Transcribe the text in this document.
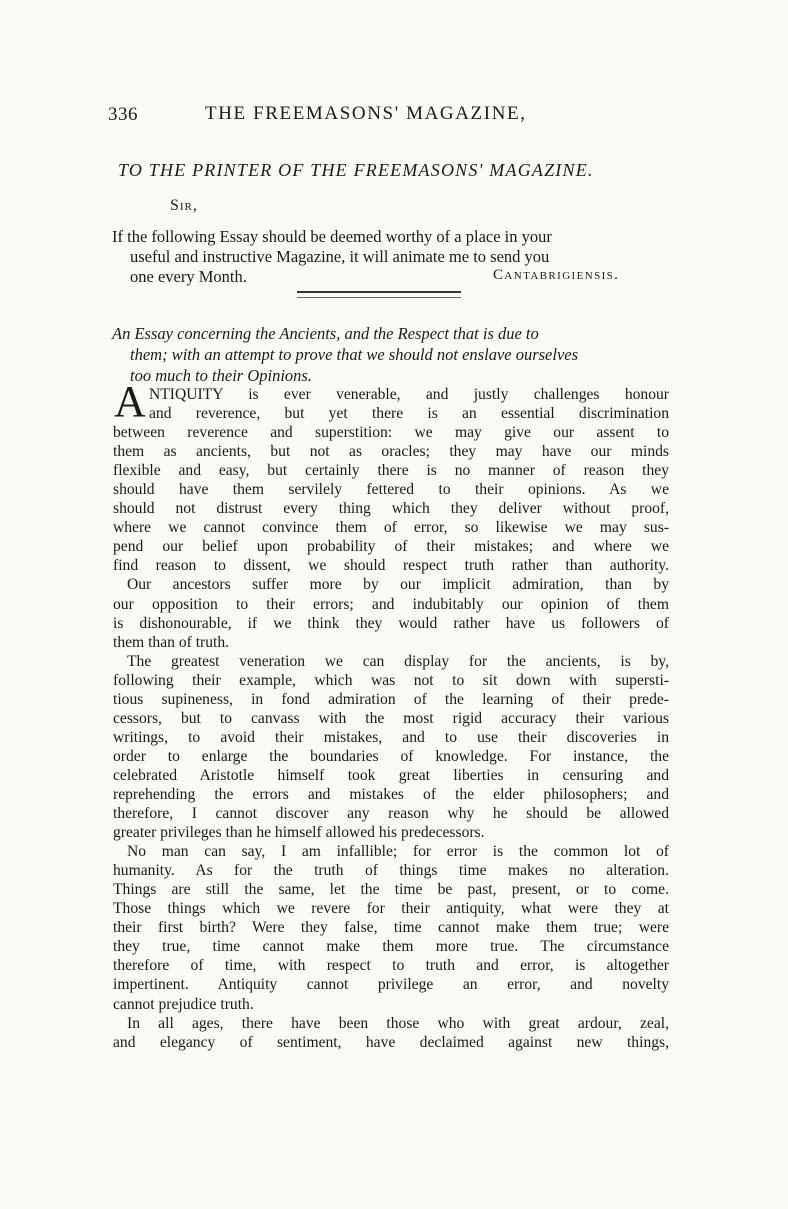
336	THE FREEMASONS' MAGAZINE,
TO THE PRINTER OF THE FREEMASONS' MAGAZINE.
Sir,
If the following Essay should be deemed worthy of a place in your
useful and instructive Magazine, it will animate me to send you
one every Month.	Cantabrigiensis.
An Essay concerning the Ancients, and the Respect that is due to
them; with an attempt to prove that we should not enslave ourselves
too much to their Opinions.
A NTIQUITY is ever venerable, and justly challenges honour
and reverence, but yet there is an essential discrimination
between reverence and superstition: we may give our assent to
them as ancients, but not as oracles; they may have our minds
flexible and easy, but certainly there is no manner of reason they
should have them servilely fettered to their opinions. As we
should not distrust every thing which they deliver without proof,
where we cannot convince them of error, so likewise we may sus-
pend our belief upon probability of their mistakes; and where we
find reason to dissent, we should respect truth rather than authority.
Our ancestors suffer more by our implicit admiration, than by
our opposition to their errors; and indubitably our opinion of them
is dishonourable, if we think they would rather have us followers of
them than of truth.
The greatest veneration we can display for the ancients, is by,
following their example, which was not to sit down with supersti-
tious supineness, in fond admiration of the learning of their prede-
cessors, but to canvass with the most rigid accuracy their various
writings, to avoid their mistakes, and to use their discoveries in
order to enlarge the boundaries of knowledge. For instance, the
celebrated Aristotle himself took great liberties in censuring and
reprehending the errors and mistakes of the elder philosophers; and
therefore, I cannot discover any reason why he should be allowed
greater privileges than he himself allowed his predecessors.
No man can say, I am infallible; for error is the common lot of
humanity. As for the truth of things time makes no alteration.
Things are still the same, let the time be past, present, or to come.
Those things which we revere for their antiquity, what were they at
their first birth? Were they false, time cannot make them true; were
they true, time cannot make them more true. The circumstance
therefore of time, with respect to truth and error, is altogether
impertinent. Antiquity cannot privilege an error, and novelty
cannot prejudice truth.
In all ages, there have been those who with great ardour, zeal,
and elegancy of sentiment, have declaimed against new things,
